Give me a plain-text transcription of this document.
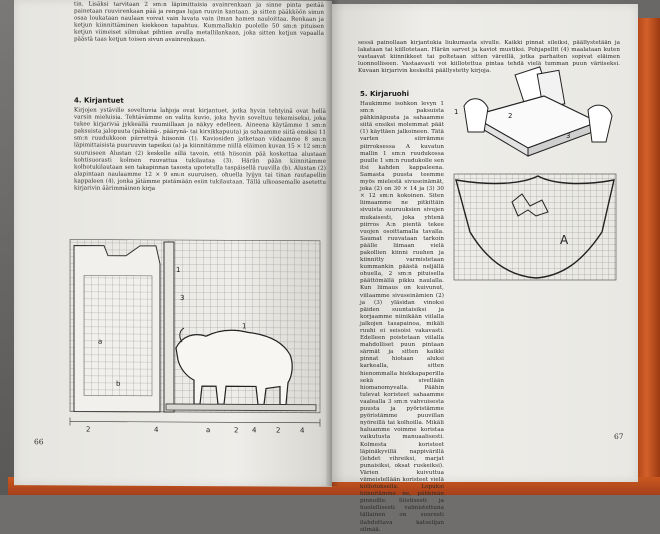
tin. Lisäksi tarvitaan 2 sm:n läpimittaisia avainrenkaan ja sinne pinta peitää painetaan ruuvirenkaan pää ja rengas lujan ruuvin kantaan. ja sitten pääkköön sinun osaa loukataan naulaan voivat vain luvata vain ilman hamen nauloittaa. Renkaan ja ketjun kiinnittäminen kiekkoon tapahtuu. Kummallakin puolelle 50 sm:n pituisen ketjun viimeiset silmukat pihtien avulla metallilankaan, joka sitten ketjun vapaalla päästä taas ketjun toisen sivun avainrenkaan.
4. Kirjantuet
Kirjojen ystäville soveltuvia lahjoja ovat kirjantuet, jotka hyvin tehtyinä ovat hellä varsin mieluisia. Tehtävämme on valita kuvio, joka hyvin soveltuu tekemiseksi, joka tukee kirjariviä jykkeällä ruumiillaan ja näkyy edelleen. Aineena käytämme 1 sm:n paksuista jalopuuta (pähkinä-, päärynä- tai kirsikkapuuta) ja sahaamme siitä ensiksi 11 sm:n ruudukkoon piirrettyä hiisonin (1). Kaviosiden jatketaan viidaamme 8 sm:n läpimittaisista puuruuvin tapeiksi (a) ja kiinnitämme niillä eläimen kuvan 15 × 12 sm:n suuruiseen Alustan (2) keskelle sillä tavoin, että hiisonin pää koskettaa alustaan kohtisuorasti kolmen ruuvattua tukilautaa (3). Härän pään kiinnitämme kolhotukilautaan sen takapinnan tasosta upotetulla taspäisellä ruuvilla (b). Alustan (2) alapintaan naulaamme 12 × 9 sm:n suuruisen, ohuella lyijyn tai tinan rautapellin kappaleen (4), jonka jätämme pistämään esiin tukilautaan. Tällä ulkoasemalle asetettu kirjarivin äärimmäinen kirja
1
3
a
b
1
2	4	a	2 4	2	4
66
sessä painollaan kirjantukia liukumasta sivulle. Kaikki pinnat sileiksi, päällystetään ja lakataan tai kiillotetaan. Härän sarvet ja kaviot mustiksi. Pohjapellit (4) maalataan kuten vastaavat kiinnikkeet tai poltetaan sitten väreillä, jotka parhaiten sopivat eläimen luonnolliseen. Vastaavasti voi kiillotettua pintaa tehdä vielä tumman puun väriiseksi. Kuvaan kirjarivin keskeltä päällystetty kirjoja.
5. Kirjaruohi
Haukimme isohkon levyn 1 sm:n paksuista pähkinäpuuta ja sahaamme siitä ensiksi molemmat päät (1) käyttäen jalkoineen. Tätä varten siirrämme piirroksessa A kuvatun mallin 1 sm:n ruudukossa puulle 1 sm:n ruudukolle sen itsi kahden kappaleena. Samasta puusta teemme myös mielestä sivuseinämät, joka (2) on 30 × 14 ja (3) 30 × 12 sm:n kokoinen. Siten liimaamme ne pitkittäin sivuista suuruuksien sivujen mukaisesti, joka yhtenä piirros A:n pientä tekee vuojen osoittamalla tavalla. Saumat ruuvataan tarkoin päälle liimaan vielä pakollien kiinni ruuhen ja kiinnitty varmistetaan kummankin päästä neljällä ohuella, 2 sm:n pituisella päättömällä pikku naulalla. Kun liimaus on kuivunut, viilaamme sivuseinämien (2) ja (3) yläsidan vinoksi päiden suuntaisiksi ja korjaamme niinikään viilalla jalkojen tasapainoa, mikäli ruuhi ei seisoisi vakavasti. Edelleen poistetaan viilalla mahdolliset puun pintaan särmät ja sitten kaikki pinnat hiotaan aluksi karkealla, sitten hienommalla hiekkapaperilla sekä sivellään hiomanomyvalla. Päähin tulevat koristeet sahaamme vaalealla 3 sm:n vahvuisesta puusta ja pyöristämme pyöristämme puuvillan nyöreillä tai kolhoilla. Mikäli haluamme voimme koristaa vaikutusta manuaalisesti. Kolmesta koristeet läpinäkyvillä nappivärillä (lehdet vihreiksi, marjat punaisiksi, oksat ruskeiksi). Värien kuivuttua viimeistellään koristeet vielä kiillotuksella. Lopuksi kiinnitämme ne, pähkinän pinnoille. Siistisesti ja huolellisesti valmistettuna tällainen on suuresti ilahduttava katselijan silmää.
1	2
3
A
67
